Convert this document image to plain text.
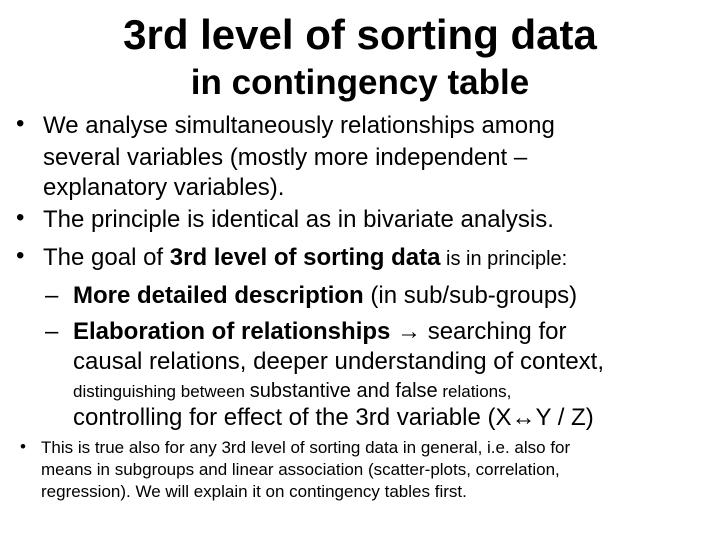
3rd level of sorting data
in contingency table
• We analyse simultaneously relationships among
several variables (mostly more independent –
explanatory variables).
• The principle is identical as in bivariate analysis.
• The goal of 3rd level of sorting data is in principle:
– More detailed description (in sub/sub-groups)
– Elaboration of relationships → searching for
causal relations, deeper understanding of context,
distinguishing between substantive and false relations,
controlling for effect of the 3rd variable (X↔Y / Z)
• This is true also for any 3rd level of sorting data in general, i.e. also for
means in subgroups and linear association (scatter-plots, correlation,
regression). We will explain it on contingency tables first.
